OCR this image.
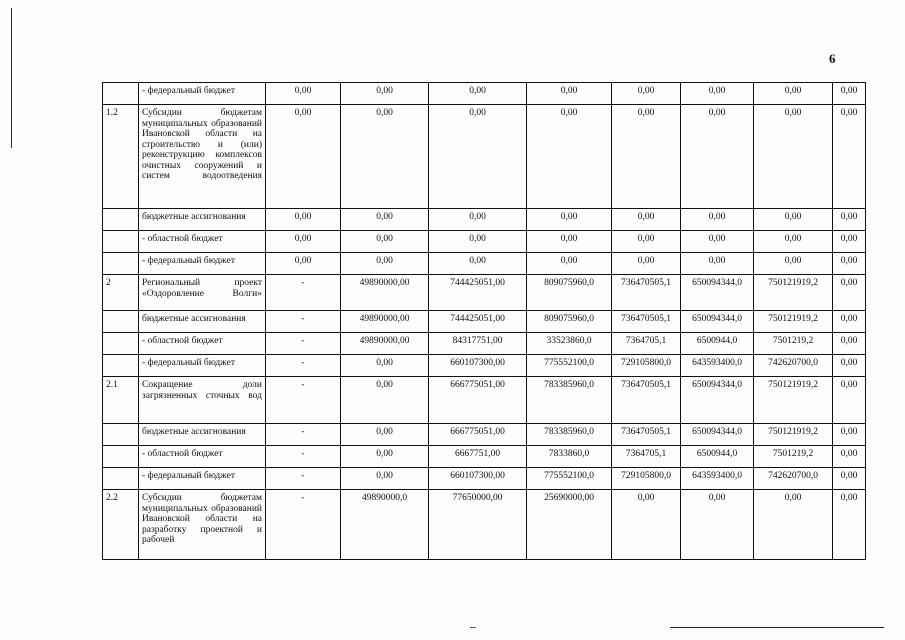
6
	- федеральный бюджет	0,00	0,00	0,00	0,00	0,00	0,00	0,00	0,00
1.2	Субсидии бюджетам муниципальных образований Ивановской области на строительство и (или) реконструкцию комплексов очистных сооружений и систем водоотведения	0,00	0,00	0,00	0,00	0,00	0,00	0,00	0,00
	бюджетные ассигнования	0,00	0,00	0,00	0,00	0,00	0,00	0,00	0,00
	- областной бюджет	0,00	0,00	0,00	0,00	0,00	0,00	0,00	0,00
	- федеральный бюджет	0,00	0,00	0,00	0,00	0,00	0,00	0,00	0,00
2	Региональный проект «Оздоровление Волги»	-	49890000,00	744425051,00	809075960,0	736470505,1	650094344,0	750121919,2	0,00
	бюджетные ассигнования	-	49890000,00	744425051,00	809075960,0	736470505,1	650094344,0	750121919,2	0,00
	- областной бюджет	-	49890000,00	84317751,00	33523860,0	7364705,1	6500944,0	7501219,2	0,00
	- федеральный бюджет	-	0,00	660107300,00	775552100,0	729105800,0	643593400,0	742620700,0	0,00
2.1	Сокращение доли загрязненных сточных вод	-	0,00	666775051,00	783385960,0	736470505,1	650094344,0	750121919,2	0,00
	бюджетные ассигнования	-	0,00	666775051,00	783385960,0	736470505,1	650094344,0	750121919,2	0,00
	- областной бюджет	-	0,00	6667751,00	7833860,0	7364705,1	6500944,0	7501219,2	0,00
	- федеральный бюджет	-	0,00	660107300,00	775552100,0	729105800,0	643593400,0	742620700,0	0,00
2.2	Субсидии бюджетам муниципальных образований Ивановской области на разработку проектной и рабочей	-	49890000,0	77650000,00	25690000,00	0,00	0,00	0,00	0,00
